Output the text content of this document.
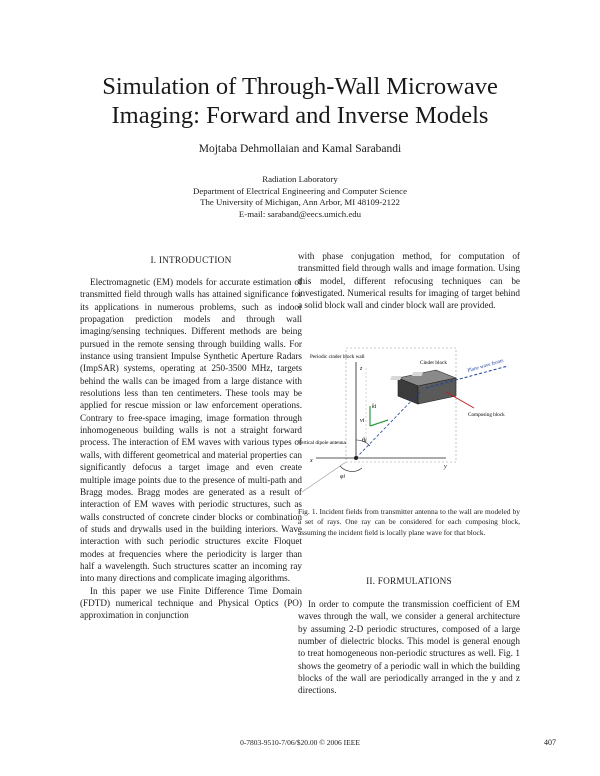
Simulation of Through-Wall Microwave
Imaging: Forward and Inverse Models
Mojtaba Dehmollaian and Kamal Sarabandi
Radiation Laboratory
Department of Electrical Engineering and Computer Science
The University of Michigan, Ann Arbor, MI 48109-2122
E-mail: saraband@eecs.umich.edu
I. INTRODUCTION

Electromagnetic (EM) models for accurate estimation of transmitted field through walls has attained significance for its applications in numerous problems, such as indoor propagation prediction models and through wall imaging/sensing techniques. Different methods are being pursued in the remote sensing through building walls. For instance using transient Impulse Synthetic Aperture Radars (ImpSAR) systems, operating at 250-3500 MHz, targets behind the walls can be imaged from a large distance with resolutions less than ten centimeters. These tools may be applied for rescue mission or law enforcement operations. Contrary to free-space imaging, image formation through inhomogeneous building walls is not a straight forward process. The interaction of EM waves with various types of walls, with different geometrical and material properties can significantly defocus a target image and even create multiple image points due to the presence of multi-path and Bragg modes. Bragg modes are generated as a result of interaction of EM waves with periodic structures, such as walls constructed of concrete cinder blocks or combination of studs and drywalls used in the building interiors. Wave interaction with such periodic structures excite Floquet modes at frequencies where the periodicity is larger than half a wavelength. Such structures scatter an incoming ray into many directions and complicate imaging algorithms.

In this paper we use Finite Difference Time Domain (FDTD) numerical technique and Physical Optics (PO) approximation in conjunction

with phase conjugation method, for computation of transmitted field through walls and image formation. Using this model, different refocusing techniques can be investigated. Numerical results for imaging of target behind a solid block wall and cinder block wall are provided.

Periodic cinder block wall
Cinder block	Plane wave fronts
Composing block
Vertical dipole antenna
z
y
x
θi
φi
ki
vi
Fig. 1. Incident fields from transmitter antenna to the wall are modeled by a set of rays. One ray can be considered for each composing block, assuming the incident field is locally plane wave for that block.
II. FORMULATIONS

In order to compute the transmission coefficient of EM waves through the wall, we consider a general architecture by assuming 2-D periodic structures, composed of a large number of dielectric blocks. This model is general enough to treat homogeneous non-periodic structures as well. Fig. 1 shows the geometry of a periodic wall in which the building blocks of the wall are periodically arranged in the y and z directions.

0-7803-9510-7/06/$20.00 © 2006 IEEE	407
